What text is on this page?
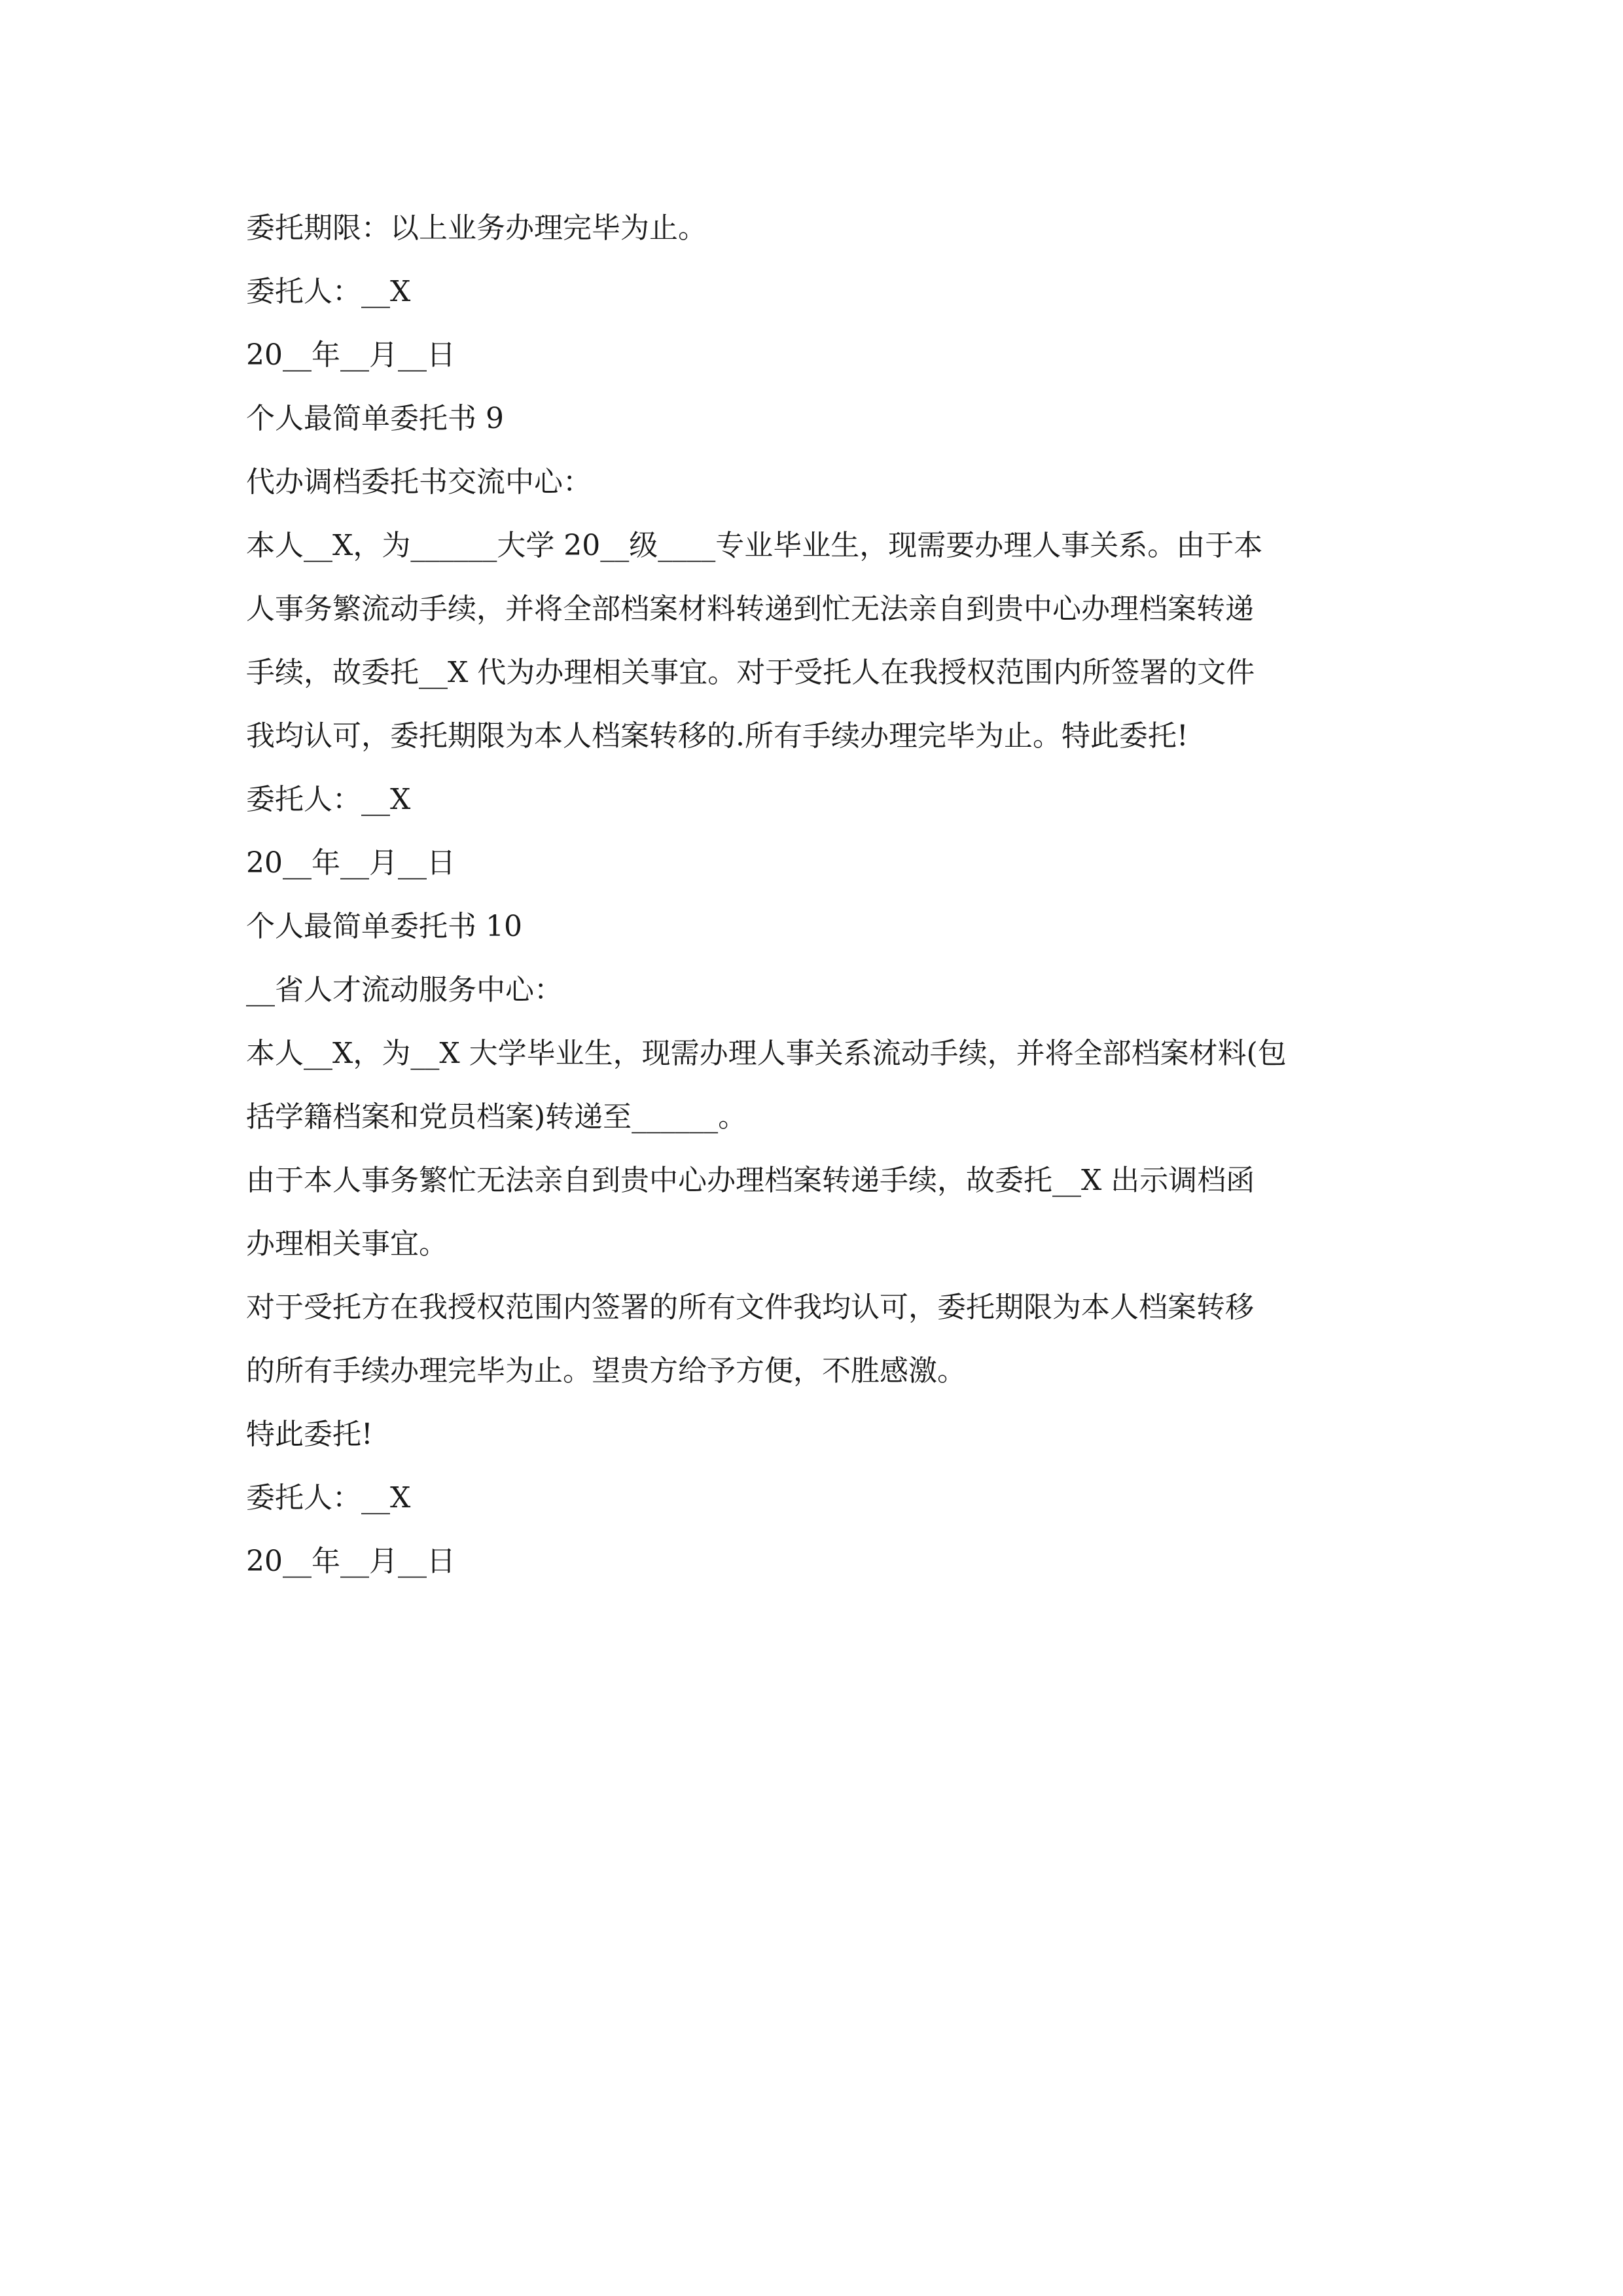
委托期限：以上业务办理完毕为止。
委托人：__X
20__年__月__日
个人最简单委托书 9
代办调档委托书交流中心：
本人__X，为______大学 20__级____专业毕业生，现需要办理人事关系。由于本
人事务繁流动手续，并将全部档案材料转递到忙无法亲自到贵中心办理档案转递
手续，故委托__X 代为办理相关事宜。对于受托人在我授权范围内所签署的文件
我均认可，委托期限为本人档案转移的.所有手续办理完毕为止。特此委托!
委托人：__X
20__年__月__日
个人最简单委托书 10
__省人才流动服务中心：
本人__X，为__X 大学毕业生，现需办理人事关系流动手续，并将全部档案材料(包
括学籍档案和党员档案)转递至______。
由于本人事务繁忙无法亲自到贵中心办理档案转递手续，故委托__X 出示调档函
办理相关事宜。
对于受托方在我授权范围内签署的所有文件我均认可，委托期限为本人档案转移
的所有手续办理完毕为止。望贵方给予方便，不胜感激。
特此委托!
委托人：__X
20__年__月__日
